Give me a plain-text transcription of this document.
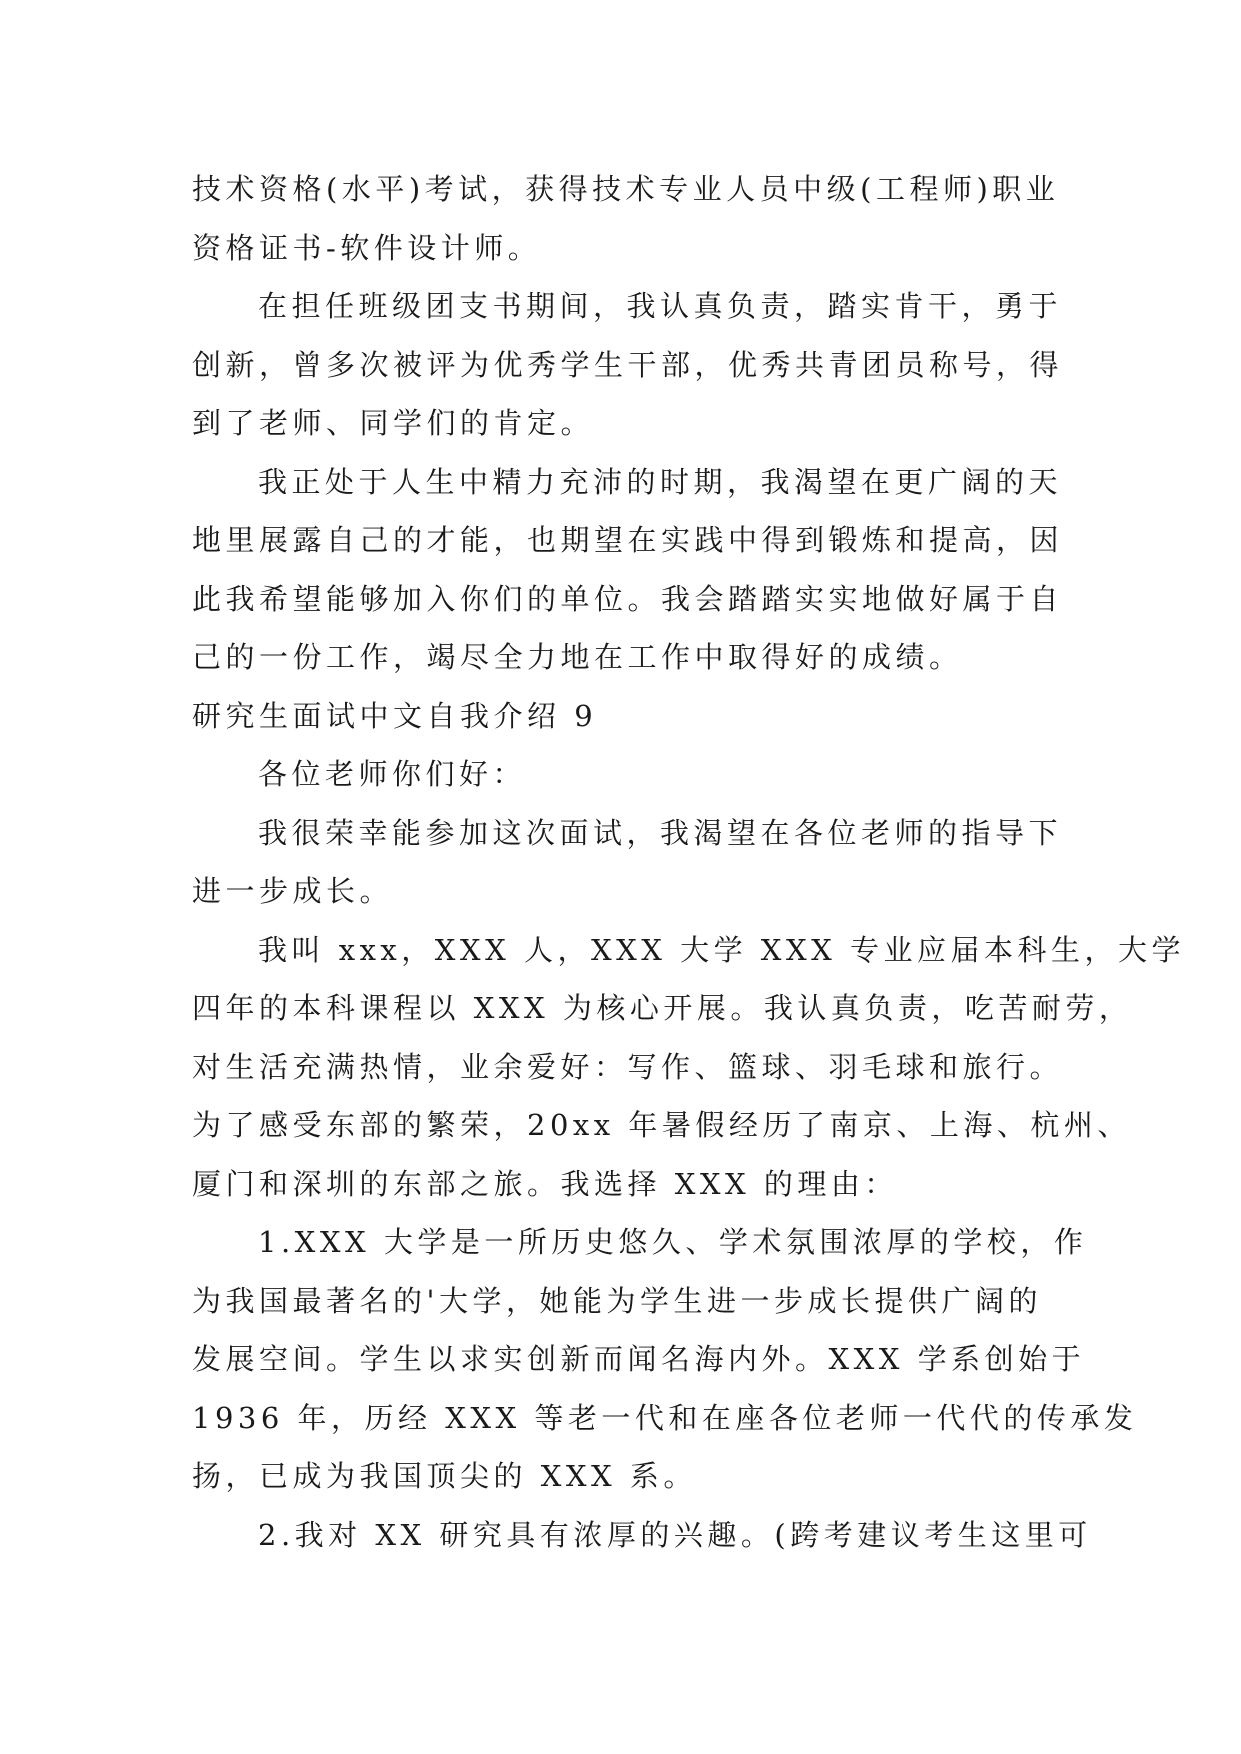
技术资格(水平)考试，获得技术专业人员中级(工程师)职业
资格证书-软件设计师。
在担任班级团支书期间，我认真负责，踏实肯干，勇于
创新，曾多次被评为优秀学生干部，优秀共青团员称号，得
到了老师、同学们的肯定。
我正处于人生中精力充沛的时期，我渴望在更广阔的天
地里展露自己的才能，也期望在实践中得到锻炼和提高，因
此我希望能够加入你们的单位。我会踏踏实实地做好属于自
己的一份工作，竭尽全力地在工作中取得好的成绩。
研究生面试中文自我介绍 9
各位老师你们好：
我很荣幸能参加这次面试，我渴望在各位老师的指导下
进一步成长。
我叫 xxx，XXX 人，XXX 大学 XXX 专业应届本科生，大学
四年的本科课程以 XXX 为核心开展。我认真负责，吃苦耐劳，
对生活充满热情，业余爱好：写作、篮球、羽毛球和旅行。
为了感受东部的繁荣，20xx 年暑假经历了南京、上海、杭州、
厦门和深圳的东部之旅。我选择 XXX 的理由：
1.XXX 大学是一所历史悠久、学术氛围浓厚的学校，作
为我国最著名的'大学，她能为学生进一步成长提供广阔的
发展空间。学生以求实创新而闻名海内外。XXX 学系创始于
1936 年，历经 XXX 等老一代和在座各位老师一代代的传承发
扬，已成为我国顶尖的 XXX 系。
2.我对 XX 研究具有浓厚的兴趣。(跨考建议考生这里可
